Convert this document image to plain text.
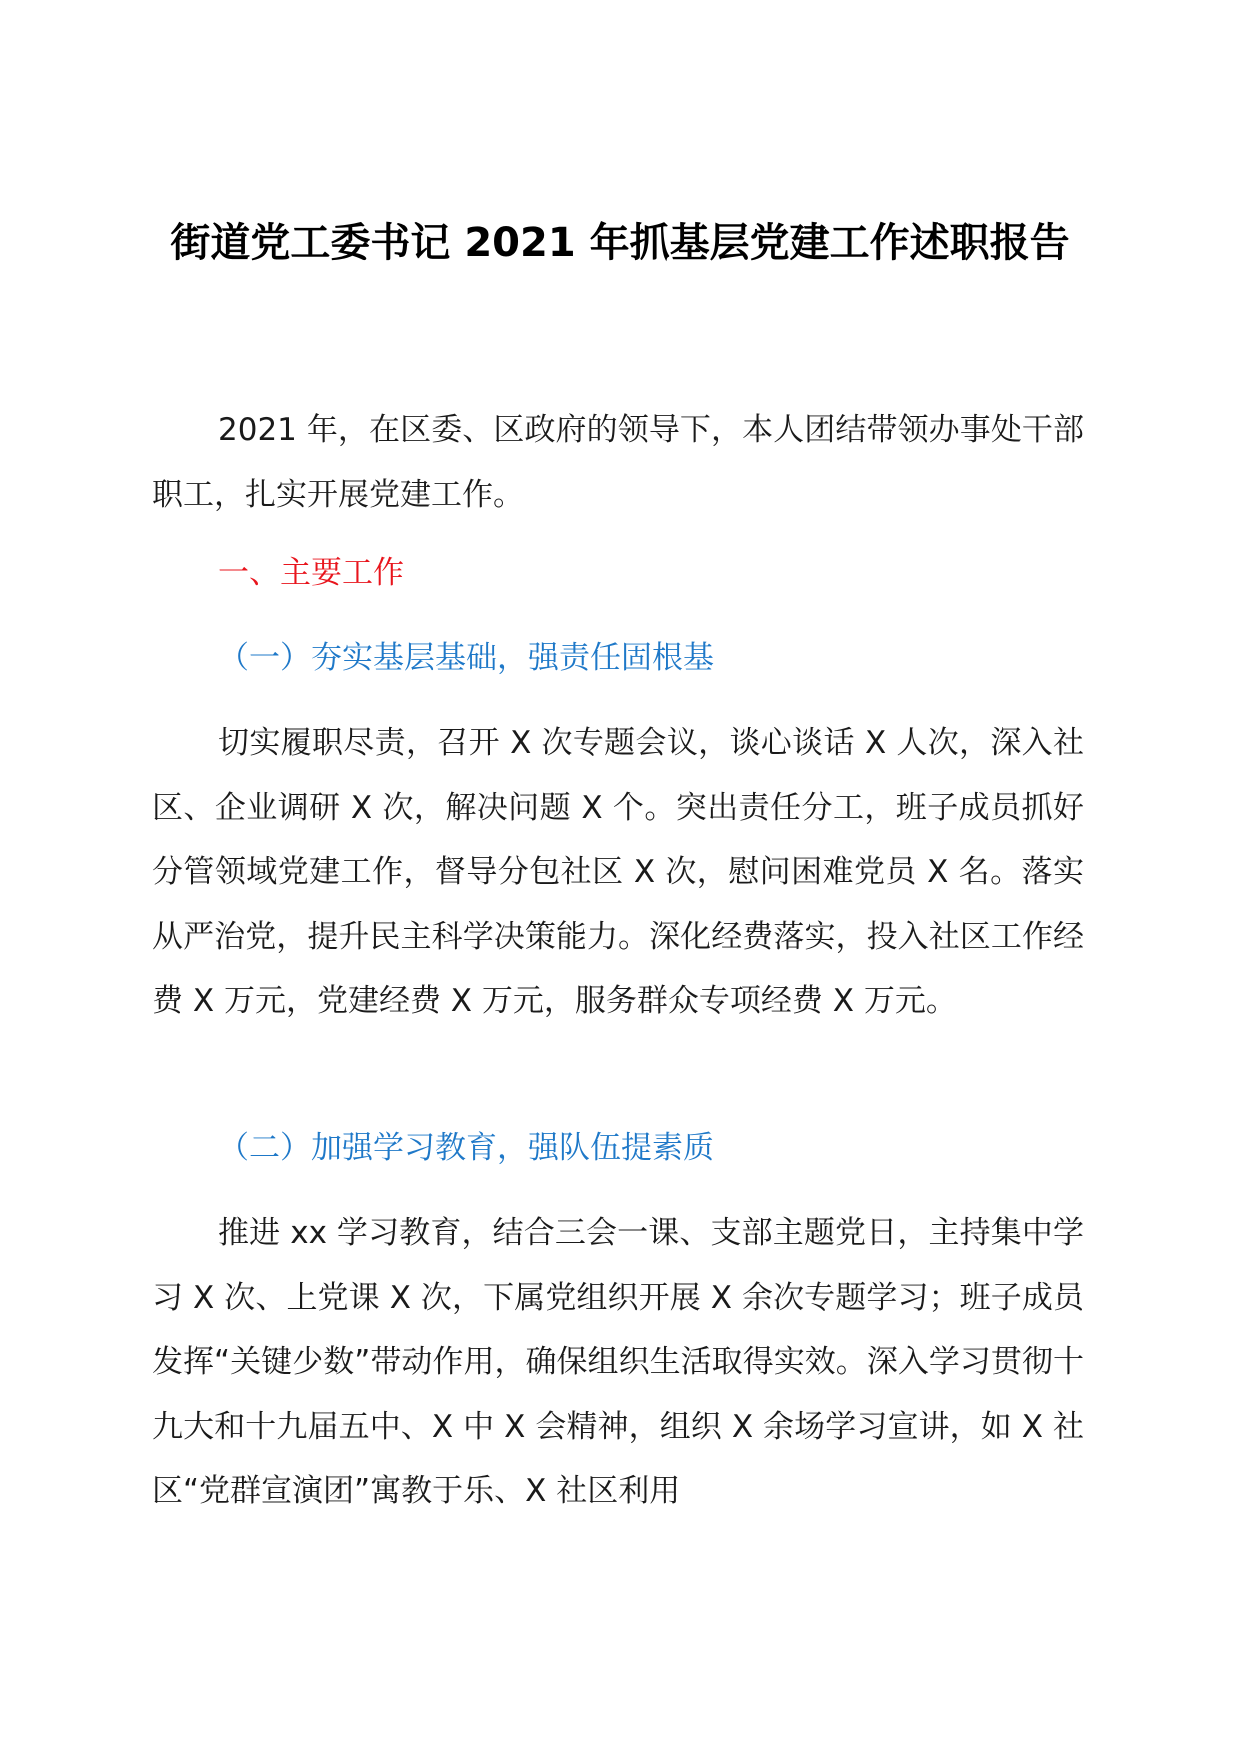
街道党工委书记 2021 年抓基层党建工作述职报告

2021 年，在区委、区政府的领导下，本人团结带领办事处干部职工，扎实开展党建工作。

一、主要工作
（一）夯实基层基础，强责任固根基

切实履职尽责，召开 X 次专题会议，谈心谈话 X 人次，深入社区、企业调研 X 次，解决问题 X 个。突出责任分工，班子成员抓好分管领域党建工作，督导分包社区 X 次，慰问困难党员 X 名。落实从严治党，提升民主科学决策能力。深化经费落实，投入社区工作经费 X 万元，党建经费 X 万元，服务群众专项经费 X 万元。

（二）加强学习教育，强队伍提素质

推进 xx 学习教育，结合三会一课、支部主题党日，主持集中学习 X 次、上党课 X 次，下属党组织开展 X 余次专题学习；班子成员发挥“关键少数”带动作用，确保组织生活取得实效。深入学习贯彻十九大和十九届五中、X 中 X 会精神，组织 X 余场学习宣讲，如 X 社区“党群宣演团”寓教于乐、X 社区利用
